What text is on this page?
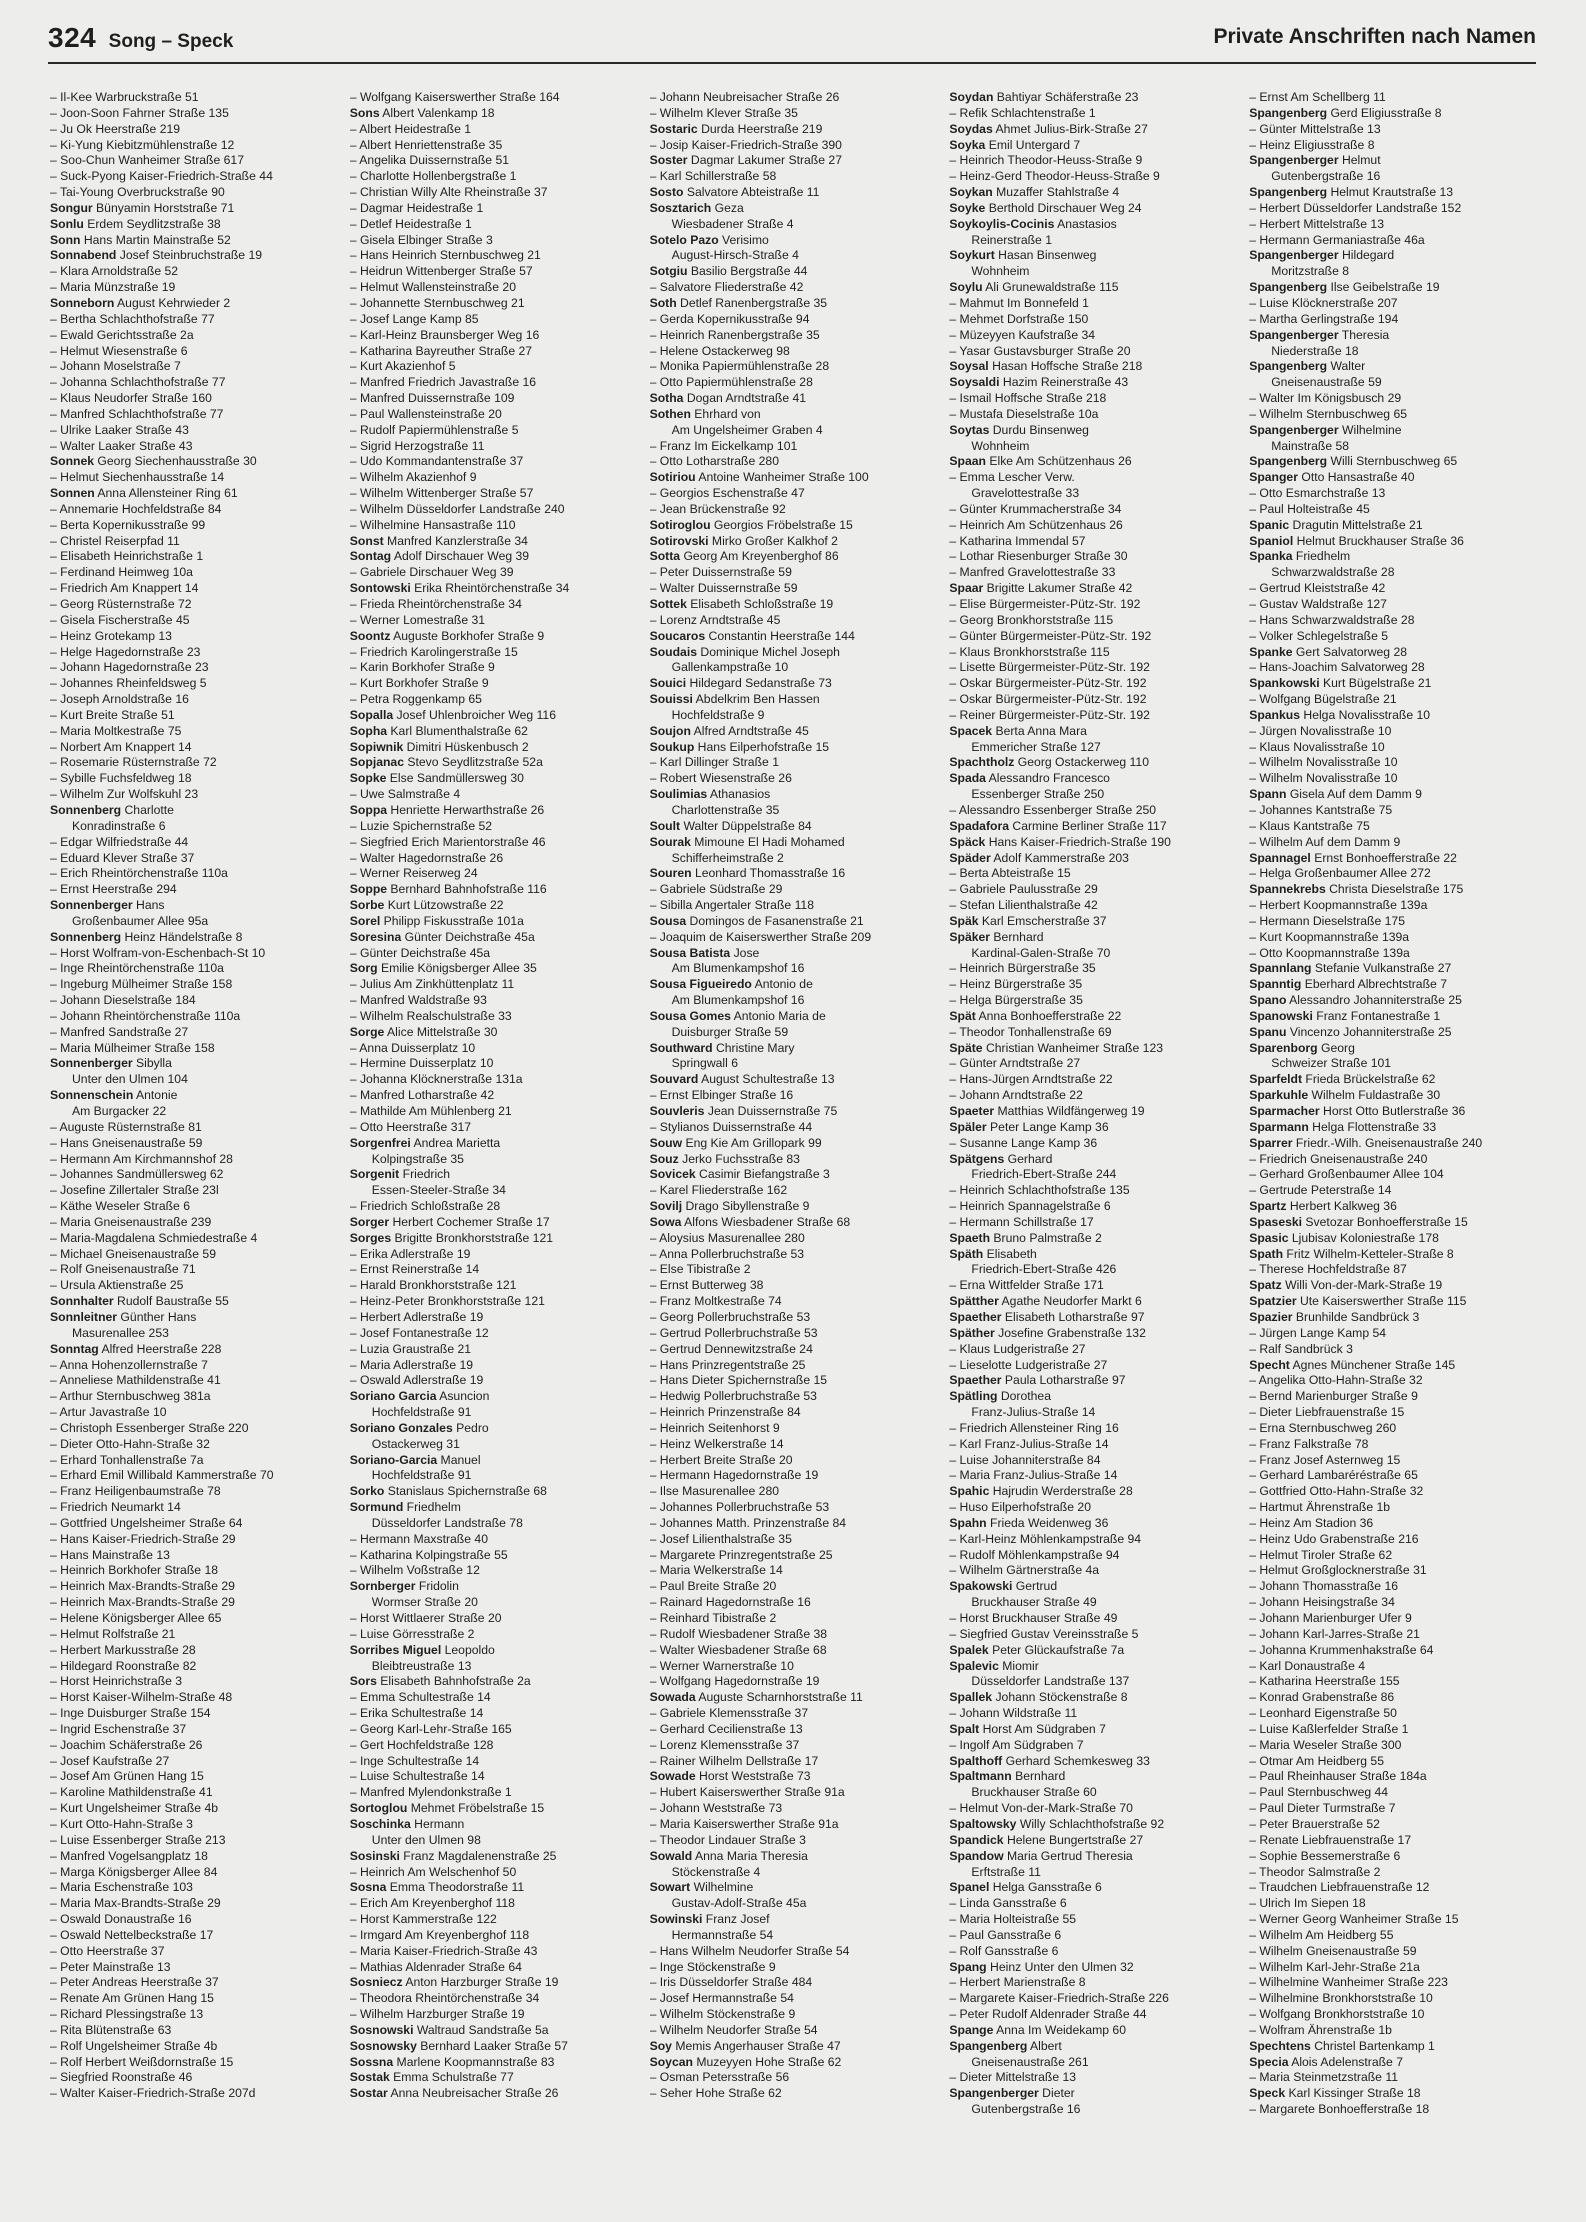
324 Song – Speck	Private Anschriften nach Namen
– Il-Kee Warbruckstraße 51
– Joon-Soon Fahrner Straße 135
– Ju Ok Heerstraße 219
– Ki-Yung Kiebitzmühlenstraße 12
– Soo-Chun Wanheimer Straße 617
– Suck-Pyong Kaiser-Friedrich-Straße 44
– Tai-Young Overbruckstraße 90
Songur Bünyamin Horststraße 71
Sonlu Erdem Seydlitzstraße 38
Sonn Hans Martin Mainstraße 52
Sonnabend Josef Steinbruchstraße 19
– Klara Arnoldstraße 52
– Maria Münzstraße 19
Sonneborn August Kehrwieder 2
– Bertha Schlachthofstraße 77
– Ewald Gerichtsstraße 2a
– Helmut Wiesenstraße 6
– Johann Moselstraße 7
– Johanna Schlachthofstraße 77
– Klaus Neudorfer Straße 160
– Manfred Schlachthofstraße 77
– Ulrike Laaker Straße 43
– Walter Laaker Straße 43
Sonnek Georg Siechenhausstraße 30
– Helmut Siechenhausstraße 14
Sonnen Anna Allensteiner Ring 61
– Annemarie Hochfeldstraße 84
– Berta Kopernikusstraße 99
– Christel Reiserpfad 11
– Elisabeth Heinrichstraße 1
– Ferdinand Heimweg 10a
– Friedrich Am Knappert 14
– Georg Rüsternstraße 72
– Gisela Fischerstraße 45
– Heinz Grotekamp 13
– Helge Hagedornstraße 23
– Johann Hagedornstraße 23
– Johannes Rheinfeldsweg 5
– Joseph Arnoldstraße 16
– Kurt Breite Straße 51
– Maria Moltkestraße 75
– Norbert Am Knappert 14
– Rosemarie Rüsternstraße 72
– Sybille Fuchsfeldweg 18
– Wilhelm Zur Wolfskuhl 23
Sonnenberg Charlotte
Konradinstraße 6
– Edgar Wilfriedstraße 44
– Eduard Klever Straße 37
– Erich Rheintörchenstraße 110a
– Ernst Heerstraße 294
Sonnenberger Hans
Großenbaumer Allee 95a
Sonnenberg Heinz Händelstraße 8
– Horst Wolfram-von-Eschenbach-St 10
– Inge Rheintörchenstraße 110a
– Ingeburg Mülheimer Straße 158
– Johann Dieselstraße 184
– Johann Rheintörchenstraße 110a
– Manfred Sandstraße 27
– Maria Mülheimer Straße 158
Sonnenberger Sibylla
Unter den Ulmen 104
Sonnenschein Antonie
Am Burgacker 22
– Auguste Rüsternstraße 81
– Hans Gneisenaustraße 59
– Hermann Am Kirchmannshof 28
– Johannes Sandmüllersweg 62
– Josefine Zillertaler Straße 23l
– Käthe Weseler Straße 6
– Maria Gneisenaustraße 239
– Maria-Magdalena Schmiedestraße 4
– Michael Gneisenaustraße 59
– Rolf Gneisenaustraße 71
– Ursula Aktienstraße 25
Sonnhalter Rudolf Baustraße 55
Sonnleitner Günther Hans
Masurenallee 253
Sonntag Alfred Heerstraße 228
– Anna Hohenzollernstraße 7
– Anneliese Mathildenstraße 41
– Arthur Sternbuschweg 381a
– Artur Javastraße 10
– Christoph Essenberger Straße 220
– Dieter Otto-Hahn-Straße 32
– Erhard Tonhallenstraße 7a
– Erhard Emil Willibald Kammerstraße 70
– Franz Heiligenbaumstraße 78
– Friedrich Neumarkt 14
– Gottfried Ungelsheimer Straße 64
– Hans Kaiser-Friedrich-Straße 29
– Hans Mainstraße 13
– Heinrich Borkhofer Straße 18
– Heinrich Max-Brandts-Straße 29
– Heinrich Max-Brandts-Straße 29
– Helene Königsberger Allee 65
– Helmut Rolfstraße 21
– Herbert Markusstraße 28
– Hildegard Roonstraße 82
– Horst Heinrichstraße 3
– Horst Kaiser-Wilhelm-Straße 48
– Inge Duisburger Straße 154
– Ingrid Eschenstraße 37
– Joachim Schäferstraße 26
– Josef Kaufstraße 27
– Josef Am Grünen Hang 15
– Karoline Mathildenstraße 41
– Kurt Ungelsheimer Straße 4b
– Kurt Otto-Hahn-Straße 3
– Luise Essenberger Straße 213
– Manfred Vogelsangplatz 18
– Marga Königsberger Allee 84
– Maria Eschenstraße 103
– Maria Max-Brandts-Straße 29
– Oswald Donaustraße 16
– Oswald Nettelbeckstraße 17
– Otto Heerstraße 37
– Peter Mainstraße 13
– Peter Andreas Heerstraße 37
– Renate Am Grünen Hang 15
– Richard Plessingstraße 13
– Rita Blütenstraße 63
– Rolf Ungelsheimer Straße 4b
– Rolf Herbert Weißdornstraße 15
– Siegfried Roonstraße 46
– Walter Kaiser-Friedrich-Straße 207d
– Wolfgang Kaiserswerther Straße 164
Sons Albert Valenkamp 18
– Albert Heidestraße 1
– Albert Henriettenstraße 35
– Angelika Duissernstraße 51
– Charlotte Hollenbergstraße 1
– Christian Willy Alte Rheinstraße 37
– Dagmar Heidestraße 1
– Detlef Heidestraße 1
– Gisela Elbinger Straße 3
– Hans Heinrich Sternbuschweg 21
– Heidrun Wittenberger Straße 57
– Helmut Wallensteinstraße 20
– Johannette Sternbuschweg 21
– Josef Lange Kamp 85
– Karl-Heinz Braunsberger Weg 16
– Katharina Bayreuther Straße 27
– Kurt Akazienhof 5
– Manfred Friedrich Javastraße 16
– Manfred Duissernstraße 109
– Paul Wallensteinstraße 20
– Rudolf Papiermühlenstraße 5
– Sigrid Herzogstraße 11
– Udo Kommandantenstraße 37
– Wilhelm Akazienhof 9
– Wilhelm Wittenberger Straße 57
– Wilhelm Düsseldorfer Landstraße 240
– Wilhelmine Hansastraße 110
Sonst Manfred Kanzlerstraße 34
Sontag Adolf Dirschauer Weg 39
– Gabriele Dirschauer Weg 39
Sontowski Erika Rheintörchenstraße 34
– Frieda Rheintörchenstraße 34
– Werner Lomestraße 31
Soontz Auguste Borkhofer Straße 9
– Friedrich Karolingerstraße 15
– Karin Borkhofer Straße 9
– Kurt Borkhofer Straße 9
– Petra Roggenkamp 65
Sopalla Josef Uhlenbroicher Weg 116
Sopha Karl Blumenthalstraße 62
Sopiwnik Dimitri Hüskenbusch 2
Sopjanac Stevo Seydlitzstraße 52a
Sopke Else Sandmüllersweg 30
– Uwe Salmstraße 4
Soppa Henriette Herwarthstraße 26
– Luzie Spichernstraße 52
– Siegfried Erich Marientorstraße 46
– Walter Hagedornstraße 26
– Werner Reiserweg 24
Soppe Bernhard Bahnhofstraße 116
Sorbe Kurt Lützowstraße 22
Sorel Philipp Fiskusstraße 101a
Soresina Günter Deichstraße 45a
– Günter Deichstraße 45a
Sorg Emilie Königsberger Allee 35
– Julius Am Zinkhüttenplatz 11
– Manfred Waldstraße 93
– Wilhelm Realschulstraße 33
Sorge Alice Mittelstraße 30
– Anna Duisserplatz 10
– Hermine Duisserplatz 10
– Johanna Klöcknerstraße 131a
– Manfred Lotharstraße 42
– Mathilde Am Mühlenberg 21
– Otto Heerstraße 317
Sorgenfrei Andrea Marietta
Kolpingstraße 35
Sorgenit Friedrich
Essen-Steeler-Straße 34
– Friedrich Schloßstraße 28
Sorger Herbert Cochemer Straße 17
Sorges Brigitte Bronkhorststraße 121
– Erika Adlerstraße 19
– Ernst Reinerstraße 14
– Harald Bronkhorststraße 121
– Heinz-Peter Bronkhorststraße 121
– Herbert Adlerstraße 19
– Josef Fontanestraße 12
– Luzia Graustraße 21
– Maria Adlerstraße 19
– Oswald Adlerstraße 19
Soriano Garcia Asuncion
Hochfeldstraße 91
Soriano Gonzales Pedro
Ostackerweg 31
Soriano-Garcia Manuel
Hochfeldstraße 91
Sorko Stanislaus Spichernstraße 68
Sormund Friedhelm
Düsseldorfer Landstraße 78
– Hermann Maxstraße 40
– Katharina Kolpingstraße 55
– Wilhelm Voßstraße 12
Sornberger Fridolin
Wormser Straße 20
– Horst Wittlaerer Straße 20
– Luise Görresstraße 2
Sorribes Miguel Leopoldo
Bleibtreustraße 13
Sors Elisabeth Bahnhofstraße 2a
– Emma Schultestraße 14
– Erika Schultestraße 14
– Georg Karl-Lehr-Straße 165
– Gert Hochfeldstraße 128
– Inge Schultestraße 14
– Luise Schultestraße 14
– Manfred Mylendonkstraße 1
Sortoglou Mehmet Fröbelstraße 15
Soschinka Hermann
Unter den Ulmen 98
Sosinski Franz Magdalenenstraße 25
– Heinrich Am Welschenhof 50
Sosna Emma Theodorstraße 11
– Erich Am Kreyenberghof 118
– Horst Kammerstraße 122
– Irmgard Am Kreyenberghof 118
– Maria Kaiser-Friedrich-Straße 43
– Mathias Aldenrader Straße 64
Sosniecz Anton Harzburger Straße 19
– Theodora Rheintörchenstraße 34
– Wilhelm Harzburger Straße 19
Sosnowski Waltraud Sandstraße 5a
Sosnowsky Bernhard Laaker Straße 57
Sossna Marlene Koopmannstraße 83
Sostak Emma Schulstraße 77
Sostar Anna Neubreisacher Straße 26
– Johann Neubreisacher Straße 26
– Wilhelm Klever Straße 35
Sostaric Durda Heerstraße 219
– Josip Kaiser-Friedrich-Straße 390
Soster Dagmar Lakumer Straße 27
– Karl Schillerstraße 58
Sosto Salvatore Abteistraße 11
Sosztarich Geza
Wiesbadener Straße 4
Sotelo Pazo Verisimo
August-Hirsch-Straße 4
Sotgiu Basilio Bergstraße 44
– Salvatore Fliederstraße 42
Soth Detlef Ranenbergstraße 35
– Gerda Kopernikusstraße 94
– Heinrich Ranenbergstraße 35
– Helene Ostackerweg 98
– Monika Papiermühlenstraße 28
– Otto Papiermühlenstraße 28
Sotha Dogan Arndtstraße 41
Sothen Ehrhard von
Am Ungelsheimer Graben 4
– Franz Im Eickelkamp 101
– Otto Lotharstraße 280
Sotiriou Antoine Wanheimer Straße 100
– Georgios Eschenstraße 47
– Jean Brückenstraße 92
Sotiroglou Georgios Fröbelstraße 15
Sotirovski Mirko Großer Kalkhof 2
Sotta Georg Am Kreyenberghof 86
– Peter Duissernstraße 59
– Walter Duissernstraße 59
Sottek Elisabeth Schloßstraße 19
– Lorenz Arndtstraße 45
Soucaros Constantin Heerstraße 144
Soudais Dominique Michel Joseph
Gallenkampstraße 10
Souici Hildegard Sedanstraße 73
Souissi Abdelkrim Ben Hassen
Hochfeldstraße 9
Soujon Alfred Arndtstraße 45
Soukup Hans Eilperhofstraße 15
– Karl Dillinger Straße 1
– Robert Wiesenstraße 26
Soulimias Athanasios
Charlottenstraße 35
Soult Walter Düppelstraße 84
Sourak Mimoune El Hadi Mohamed
Schifferheimstraße 2
Souren Leonhard Thomasstraße 16
– Gabriele Südstraße 29
– Sibilla Angertaler Straße 118
Sousa Domingos de Fasanenstraße 21
– Joaquim de Kaiserswerther Straße 209
Sousa Batista Jose
Am Blumenkampshof 16
Sousa Figueiredo Antonio de
Am Blumenkampshof 16
Sousa Gomes Antonio Maria de
Duisburger Straße 59
Southward Christine Mary
Springwall 6
Souvard August Schultestraße 13
– Ernst Elbinger Straße 16
Souvleris Jean Duissernstraße 75
– Stylianos Duissernstraße 44
Souw Eng Kie Am Grillopark 99
Souz Jerko Fuchsstraße 83
Sovicek Casimir Biefangstraße 3
– Karel Fliederstraße 162
Sovilj Drago Sibyllenstraße 9
Sowa Alfons Wiesbadener Straße 68
– Aloysius Masurenallee 280
– Anna Pollerbruchstraße 53
– Else Tibistraße 2
– Ernst Butterweg 38
– Franz Moltkestraße 74
– Georg Pollerbruchstraße 53
– Gertrud Pollerbruchstraße 53
– Gertrud Dennewitzstraße 24
– Hans Prinzregentstraße 25
– Hans Dieter Spichernstraße 15
– Hedwig Pollerbruchstraße 53
– Heinrich Prinzenstraße 84
– Heinrich Seitenhorst 9
– Heinz Welkerstraße 14
– Herbert Breite Straße 20
– Hermann Hagedornstraße 19
– Ilse Masurenallee 280
– Johannes Pollerbruchstraße 53
– Johannes Matth. Prinzenstraße 84
– Josef Lilienthalstraße 35
– Margarete Prinzregentstraße 25
– Maria Welkerstraße 14
– Paul Breite Straße 20
– Rainard Hagedornstraße 16
– Reinhard Tibistraße 2
– Rudolf Wiesbadener Straße 38
– Walter Wiesbadener Straße 68
– Werner Warnerstraße 10
– Wolfgang Hagedornstraße 19
Sowada Auguste Scharnhorststraße 11
– Gabriele Klemensstraße 37
– Gerhard Cecilienstraße 13
– Lorenz Klemensstraße 37
– Rainer Wilhelm Dellstraße 17
Sowade Horst Weststraße 73
– Hubert Kaiserswerther Straße 91a
– Johann Weststraße 73
– Maria Kaiserswerther Straße 91a
– Theodor Lindauer Straße 3
Sowald Anna Maria Theresia
Stöckenstraße 4
Sowart Wilhelmine
Gustav-Adolf-Straße 45a
Sowinski Franz Josef
Hermannstraße 54
– Hans Wilhelm Neudorfer Straße 54
– Inge Stöckenstraße 9
– Iris Düsseldorfer Straße 484
– Josef Hermannstraße 54
– Wilhelm Stöckenstraße 9
– Wilhelm Neudorfer Straße 54
Soy Memis Angerhauser Straße 47
Soycan Muzeyyen Hohe Straße 62
– Osman Petersstraße 56
– Seher Hohe Straße 62
Soydan Bahtiyar Schäferstraße 23
– Refik Schlachtenstraße 1
Soydas Ahmet Julius-Birk-Straße 27
Soyka Emil Untergard 7
– Heinrich Theodor-Heuss-Straße 9
– Heinz-Gerd Theodor-Heuss-Straße 9
Soykan Muzaffer Stahlstraße 4
Soyke Berthold Dirschauer Weg 24
Soykoylis-Cocinis Anastasios
Reinerstraße 1
Soykurt Hasan Binsenweg
Wohnheim
Soylu Ali Grunewaldstraße 115
– Mahmut Im Bonnefeld 1
– Mehmet Dorfstraße 150
– Müzeyyen Kaufstraße 34
– Yasar Gustavsburger Straße 20
Soysal Hasan Hoffsche Straße 218
Soysaldi Hazim Reinerstraße 43
– Ismail Hoffsche Straße 218
– Mustafa Dieselstraße 10a
Soytas Durdu Binsenweg
Wohnheim
Spaan Elke Am Schützenhaus 26
– Emma Lescher Verw.
Gravelottestraße 33
– Günter Krummacherstraße 34
– Heinrich Am Schützenhaus 26
– Katharina Immendal 57
– Lothar Riesenburger Straße 30
– Manfred Gravelottestraße 33
Spaar Brigitte Lakumer Straße 42
– Elise Bürgermeister-Pütz-Str. 192
– Georg Bronkhorststraße 115
– Günter Bürgermeister-Pütz-Str. 192
– Klaus Bronkhorststraße 115
– Lisette Bürgermeister-Pütz-Str. 192
– Oskar Bürgermeister-Pütz-Str. 192
– Oskar Bürgermeister-Pütz-Str. 192
– Reiner Bürgermeister-Pütz-Str. 192
Spacek Berta Anna Mara
Emmericher Straße 127
Spachtholz Georg Ostackerweg 110
Spada Alessandro Francesco
Essenberger Straße 250
– Alessandro Essenberger Straße 250
Spadafora Carmine Berliner Straße 117
Späck Hans Kaiser-Friedrich-Straße 190
Späder Adolf Kammerstraße 203
– Berta Abteistraße 15
– Gabriele Paulusstraße 29
– Stefan Lilienthalstraße 42
Späk Karl Emscherstraße 37
Späker Bernhard
Kardinal-Galen-Straße 70
– Heinrich Bürgerstraße 35
– Heinz Bürgerstraße 35
– Helga Bürgerstraße 35
Spät Anna Bonhoefferstraße 22
– Theodor Tonhallenstraße 69
Späte Christian Wanheimer Straße 123
– Günter Arndtstraße 27
– Hans-Jürgen Arndtstraße 22
– Johann Arndtstraße 22
Spaeter Matthias Wildfängerweg 19
Späler Peter Lange Kamp 36
– Susanne Lange Kamp 36
Spätgens Gerhard
Friedrich-Ebert-Straße 244
– Heinrich Schlachthofstraße 135
– Heinrich Spannagelstraße 6
– Hermann Schillstraße 17
Spaeth Bruno Palmstraße 2
Späth Elisabeth
Friedrich-Ebert-Straße 426
– Erna Wittfelder Straße 171
Spätther Agathe Neudorfer Markt 6
Spaether Elisabeth Lotharstraße 97
Späther Josefine Grabenstraße 132
– Klaus Ludgeristraße 27
– Lieselotte Ludgeristraße 27
Spaether Paula Lotharstraße 97
Spätling Dorothea
Franz-Julius-Straße 14
– Friedrich Allensteiner Ring 16
– Karl Franz-Julius-Straße 14
– Luise Johanniterstraße 84
– Maria Franz-Julius-Straße 14
Spahic Hajrudin Werderstraße 28
– Huso Eilperhofstraße 20
Spahn Frieda Weidenweg 36
– Karl-Heinz Möhlenkampstraße 94
– Rudolf Möhlenkampstraße 94
– Wilhelm Gärtnerstraße 4a
Spakowski Gertrud
Bruckhauser Straße 49
– Horst Bruckhauser Straße 49
– Siegfried Gustav Vereinsstraße 5
Spalek Peter Glückaufstraße 7a
Spalevic Miomir
Düsseldorfer Landstraße 137
Spallek Johann Stöckenstraße 8
– Johann Wildstraße 11
Spalt Horst Am Südgraben 7
– Ingolf Am Südgraben 7
Spalthoff Gerhard Schemkesweg 33
Spaltmann Bernhard
Bruckhauser Straße 60
– Helmut Von-der-Mark-Straße 70
Spaltowsky Willy Schlachthofstraße 92
Spandick Helene Bungertstraße 27
Spandow Maria Gertrud Theresia
Erftstraße 11
Spanel Helga Gansstraße 6
– Linda Gansstraße 6
– Maria Holteistraße 55
– Paul Gansstraße 6
– Rolf Gansstraße 6
Spang Heinz Unter den Ulmen 32
– Herbert Marienstraße 8
– Margarete Kaiser-Friedrich-Straße 226
– Peter Rudolf Aldenrader Straße 44
Spange Anna Im Weidekamp 60
Spangenberg Albert
Gneisenaustraße 261
– Dieter Mittelstraße 13
Spangenberger Dieter
Gutenbergstraße 16
– Ernst Am Schellberg 11
Spangenberg Gerd Eligiusstraße 8
– Günter Mittelstraße 13
– Heinz Eligiusstraße 8
Spangenberger Helmut
Gutenbergstraße 16
Spangenberg Helmut Krautstraße 13
– Herbert Düsseldorfer Landstraße 152
– Herbert Mittelstraße 13
– Hermann Germaniastraße 46a
Spangenberger Hildegard
Moritzstraße 8
Spangenberg Ilse Geibelstraße 19
– Luise Klöcknerstraße 207
– Martha Gerlingstraße 194
Spangenberger Theresia
Niederstraße 18
Spangenberg Walter
Gneisenaustraße 59
– Walter Im Königsbusch 29
– Wilhelm Sternbuschweg 65
Spangenberger Wilhelmine
Mainstraße 58
Spangenberg Willi Sternbuschweg 65
Spanger Otto Hansastraße 40
– Otto Esmarchstraße 13
– Paul Holteistraße 45
Spanic Dragutin Mittelstraße 21
Spaniol Helmut Bruckhauser Straße 36
Spanka Friedhelm
Schwarzwaldstraße 28
– Gertrud Kleiststraße 42
– Gustav Waldstraße 127
– Hans Schwarzwaldstraße 28
– Volker Schlegelstraße 5
Spanke Gert Salvatorweg 28
– Hans-Joachim Salvatorweg 28
Spankowski Kurt Bügelstraße 21
– Wolfgang Bügelstraße 21
Spankus Helga Novalisstraße 10
– Jürgen Novalisstraße 10
– Klaus Novalisstraße 10
– Wilhelm Novalisstraße 10
– Wilhelm Novalisstraße 10
Spann Gisela Auf dem Damm 9
– Johannes Kantstraße 75
– Klaus Kantstraße 75
– Wilhelm Auf dem Damm 9
Spannagel Ernst Bonhoefferstraße 22
– Helga Großenbaumer Allee 272
Spannekrebs Christa Dieselstraße 175
– Herbert Koopmannstraße 139a
– Hermann Dieselstraße 175
– Kurt Koopmannstraße 139a
– Otto Koopmannstraße 139a
Spannlang Stefanie Vulkanstraße 27
Spanntig Eberhard Albrechtstraße 7
Spano Alessandro Johanniterstraße 25
Spanowski Franz Fontanestraße 1
Spanu Vincenzo Johanniterstraße 25
Sparenborg Georg
Schweizer Straße 101
Sparfeldt Frieda Brückelstraße 62
Sparkuhle Wilhelm Fuldastraße 30
Sparmacher Horst Otto Butlerstraße 36
Sparmann Helga Flottenstraße 33
Sparrer Friedr.-Wilh. Gneisenaustraße 240
– Friedrich Gneisenaustraße 240
– Gerhard Großenbaumer Allee 104
– Gertrude Peterstraße 14
Spartz Herbert Kalkweg 36
Spaseski Svetozar Bonhoefferstraße 15
Spasic Ljubisav Koloniestraße 178
Spath Fritz Wilhelm-Ketteler-Straße 8
– Therese Hochfeldstraße 87
Spatz Willi Von-der-Mark-Straße 19
Spatzier Ute Kaiserswerther Straße 115
Spazier Brunhilde Sandbrück 3
– Jürgen Lange Kamp 54
– Ralf Sandbrück 3
Specht Agnes Münchener Straße 145
– Angelika Otto-Hahn-Straße 32
– Bernd Marienburger Straße 9
– Dieter Liebfrauenstraße 15
– Erna Sternbuschweg 260
– Franz Falkstraße 78
– Franz Josef Asternweg 15
– Gerhard Lambaréréstraße 65
– Gottfried Otto-Hahn-Straße 32
– Hartmut Ährenstraße 1b
– Heinz Am Stadion 36
– Heinz Udo Grabenstraße 216
– Helmut Tiroler Straße 62
– Helmut Großglocknerstraße 31
– Johann Thomasstraße 16
– Johann Heisingstraße 34
– Johann Marienburger Ufer 9
– Johann Karl-Jarres-Straße 21
– Johanna Krummenhakstraße 64
– Karl Donaustraße 4
– Katharina Heerstraße 155
– Konrad Grabenstraße 86
– Leonhard Eigenstraße 50
– Luise Kaßlerfelder Straße 1
– Maria Weseler Straße 300
– Otmar Am Heidberg 55
– Paul Rheinhauser Straße 184a
– Paul Sternbuschweg 44
– Paul Dieter Turmstraße 7
– Peter Brauerstraße 52
– Renate Liebfrauenstraße 17
– Sophie Bessemerstraße 6
– Theodor Salmstraße 2
– Traudchen Liebfrauenstraße 12
– Ulrich Im Siepen 18
– Werner Georg Wanheimer Straße 15
– Wilhelm Am Heidberg 55
– Wilhelm Gneisenaustraße 59
– Wilhelm Karl-Jehr-Straße 21a
– Wilhelmine Wanheimer Straße 223
– Wilhelmine Bronkhorststraße 10
– Wolfgang Bronkhorststraße 10
– Wolfram Ährenstraße 1b
Spechtens Christel Bartenkamp 1
Specia Alois Adelenstraße 7
– Maria Steinmetzstraße 11
Speck Karl Kissinger Straße 18
– Margarete Bonhoefferstraße 18
